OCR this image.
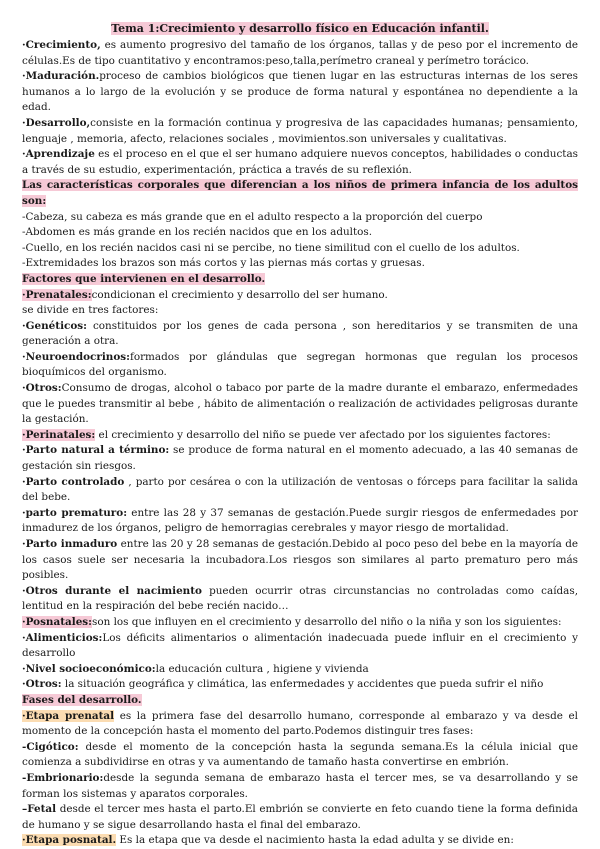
Tema 1:Crecimiento y desarrollo físico en Educación infantil.

·Crecimiento, es aumento progresivo del tamaño de los órganos, tallas y de peso por el incremento de células.Es de tipo cuantitativo y encontramos:peso,talla,perímetro craneal y perímetro torácico.

·Maduración.proceso de cambios biológicos que tienen lugar en las estructuras internas de los seres humanos a lo largo de la evolución y se produce de forma natural y espontánea no dependiente a la edad.

·Desarrollo,consiste en la formación continua y progresiva de las capacidades humanas; pensamiento, lenguaje , memoria, afecto, relaciones sociales , movimientos.son universales y cualitativas.

·Aprendizaje es el proceso en el que el ser humano adquiere nuevos conceptos, habilidades o conductas a través de su estudio, experimentación, práctica a través de su reflexión.

Las características corporales que diferencian a los niños de primera infancia de los adultos son:

-Cabeza, su cabeza es más grande que en el adulto respecto a la proporción del cuerpo

-Abdomen es más grande en los recién nacidos que en los adultos.

-Cuello, en los recién nacidos casi ni se percibe, no tiene similitud con el cuello de los adultos.

-Extremidades los brazos son más cortos y las piernas más cortas y gruesas.

Factores que intervienen en el desarrollo.

·Prenatales:condicionan el crecimiento y desarrollo del ser humano.

se divide en tres factores:

·Genéticos: constituidos por los genes de cada persona , son hereditarios y se transmiten de una generación a otra.

·Neuroendocrinos:formados por glándulas que segregan hormonas que regulan los procesos bioquímicos del organismo.

·Otros:Consumo de drogas, alcohol o tabaco por parte de la madre durante el embarazo, enfermedades que le puedes transmitir al bebe , hábito de alimentación o realización de actividades peligrosas durante la gestación.

·Perinatales: el crecimiento y desarrollo del niño se puede ver afectado por los siguientes factores:

·Parto natural a término: se produce de forma natural en el momento adecuado, a las 40 semanas de gestación sin riesgos.

·Parto controlado , parto por cesárea o con la utilización de ventosas o fórceps para facilitar la salida del bebe.

·parto prematuro: entre las 28 y 37 semanas de gestación.Puede surgir riesgos de enfermedades por inmadurez de los órganos, peligro de hemorragias cerebrales y mayor riesgo de mortalidad.

·Parto inmaduro entre las 20 y 28 semanas de gestación.Debido al poco peso del bebe en la mayoría de los casos suele ser necesaria la incubadora.Los riesgos son similares al parto prematuro pero más posibles.

·Otros durante el nacimiento pueden ocurrir otras circunstancias no controladas como caídas, lentitud en la respiración del bebe recién nacido…

·Posnatales:son los que influyen en el crecimiento y desarrollo del niño o la niña y son los siguientes:

·Alimenticios:Los déficits alimentarios o alimentación inadecuada puede influir en el crecimiento y desarrollo

·Nivel socioeconómico:la educación cultura , higiene y vivienda

·Otros: la situación geográfica y climática, las enfermedades y accidentes que pueda sufrir el niño

Fases del desarrollo.

·Etapa prenatal es la primera fase del desarrollo humano, corresponde al embarazo y va desde el momento de la concepción hasta el momento del parto.Podemos distinguir tres fases:

-Cigótico: desde el momento de la concepción hasta la segunda semana.Es la célula inicial que comienza a subdividirse en otras y va aumentando de tamaño hasta convertirse en embrión.

-Embrionario:desde la segunda semana de embarazo hasta el tercer mes, se va desarrollando y se forman los sistemas y aparatos corporales.

–Fetal desde el tercer mes hasta el parto.El embrión se convierte en feto cuando tiene la forma definida de humano y se sigue desarrollando hasta el final del embarazo.

·Etapa posnatal. Es la etapa que va desde el nacimiento hasta la edad adulta y se divide en:
